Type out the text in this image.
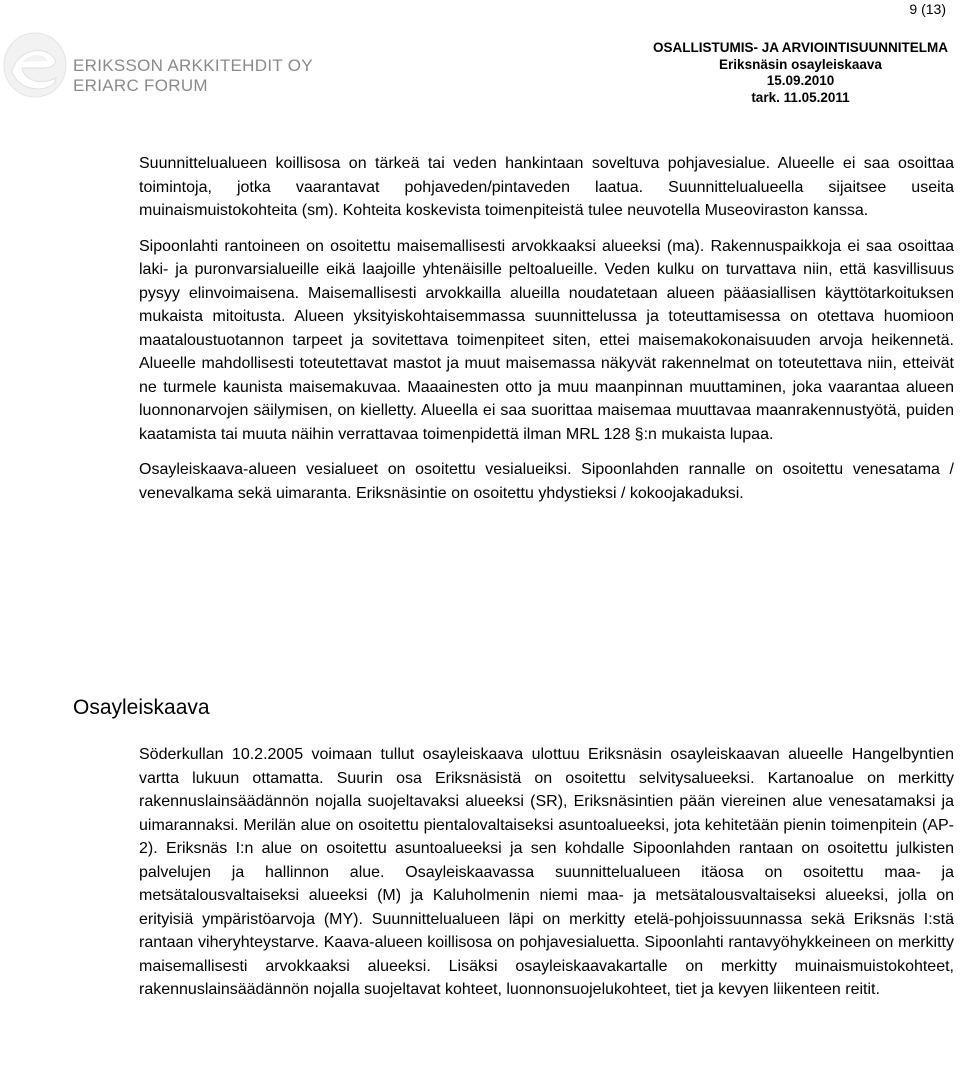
9 (13)
ERIKSSON ARKKITEHDIT OY
ERIARC FORUM
OSALLISTUMIS- JA ARVIOINTISUUNNITELMA
Eriksnäsin osayleiskaava
15.09.2010
tark. 11.05.2011

Suunnittelualueen koillisosa on tärkeä tai veden hankintaan soveltuva pohjavesialue. Alueelle ei saa osoittaa toimintoja, jotka vaarantavat pohjaveden/pintaveden laatua. Suunnittelualueella sijaitsee useita muinaismuistokohteita (sm). Kohteita koskevista toimenpiteistä tulee neuvotella Museoviraston kanssa.

Sipoonlahti rantoineen on osoitettu maisemallisesti arvokkaaksi alueeksi (ma). Rakennuspaikkoja ei saa osoittaa laki- ja puronvarsialueille eikä laajoille yhtenäisille peltoalueille. Veden kulku on turvattava niin, että kasvillisuus pysyy elinvoimaisena. Maisemallisesti arvokkailla alueilla noudatetaan alueen pääasiallisen käyttötarkoituksen mukaista mitoitusta. Alueen yksityiskohtaisemmassa suunnittelussa ja toteuttamisessa on otettava huomioon maataloustuotannon tarpeet ja sovitettava toimenpiteet siten, ettei maisemakokonaisuuden arvoja heikennetä. Alueelle mahdollisesti toteutettavat mastot ja muut maisemassa näkyvät rakennelmat on toteutettava niin, etteivät ne turmele kaunista maisemakuvaa. Maaainesten otto ja muu maanpinnan muuttaminen, joka vaarantaa alueen luonnonarvojen säilymisen, on kielletty. Alueella ei saa suorittaa maisemaa muuttavaa maanrakennustyötä, puiden kaatamista tai muuta näihin verrattavaa toimenpidettä ilman MRL 128 §:n mukaista lupaa.

Osayleiskaava-alueen vesialueet on osoitettu vesialueiksi. Sipoonlahden rannalle on osoitettu venesatama / venevalkama sekä uimaranta. Eriksnäsintie on osoitettu yhdystieksi / kokoojakaduksi.

Osayleiskaava

Söderkullan 10.2.2005 voimaan tullut osayleiskaava ulottuu Eriksnäsin osayleiskaavan alueelle Hangelbyntien vartta lukuun ottamatta. Suurin osa Eriksnäsistä on osoitettu selvitysalueeksi. Kartanoalue on merkitty rakennuslainsäädännön nojalla suojeltavaksi alueeksi (SR), Eriksnäsintien pään viereinen alue venesatamaksi ja uimarannaksi. Merilän alue on osoitettu pientalovaltaiseksi asuntoalueeksi, jota kehitetään pienin toimenpitein (AP-2). Eriksnäs I:n alue on osoitettu asuntoalueeksi ja sen kohdalle Sipoonlahden rantaan on osoitettu julkisten palvelujen ja hallinnon alue. Osayleiskaavassa suunnittelualueen itäosa on osoitettu maa- ja metsätalousvaltaiseksi alueeksi (M) ja Kaluholmenin niemi maa- ja metsätalousvaltaiseksi alueeksi, jolla on erityisiä ympäristöarvoja (MY). Suunnittelualueen läpi on merkitty etelä-pohjoissuunnassa sekä Eriksnäs I:stä rantaan viheryhteystarve. Kaava-alueen koillisosa on pohjavesialuetta. Sipoonlahti rantavyöhykkeineen on merkitty maisemallisesti arvokkaaksi alueeksi. Lisäksi osayleiskaavakartalle on merkitty muinaismuistokohteet, rakennuslainsäädännön nojalla suojeltavat kohteet, luonnonsuojelukohteet, tiet ja kevyen liikenteen reitit.
